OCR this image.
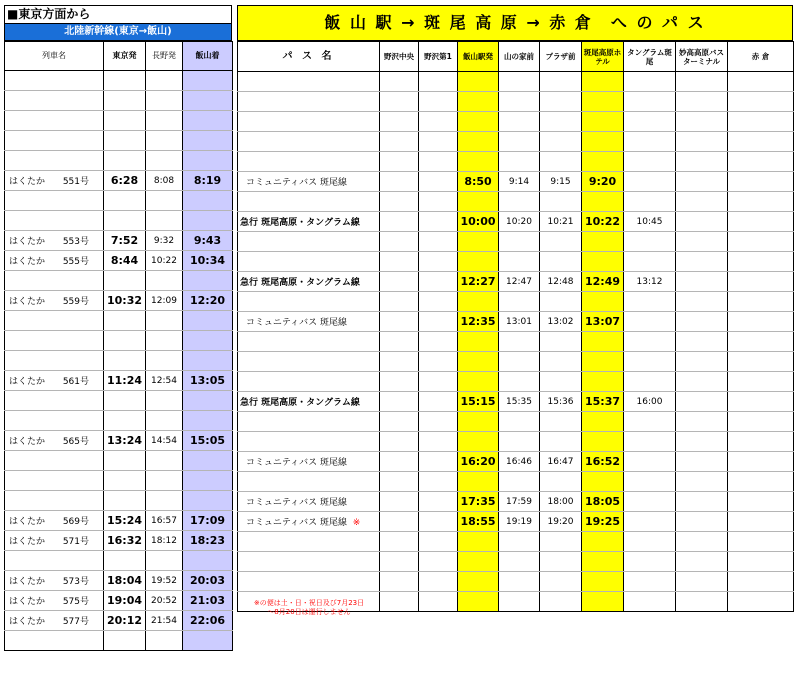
■東京方面から
北陸新幹線(東京→飯山)
列車名	東京発	長野発	飯山着

はくたか 551号	6:28	8:08	8:19

はくたか 553号	7:52	9:32	9:43
はくたか 555号	8:44	10:22	10:34

はくたか 559号	10:32	12:09	12:20

はくたか 561号	11:24	12:54	13:05

はくたか 565号	13:24	14:54	15:05

はくたか 569号	15:24	16:57	17:09
はくたか 571号	16:32	18:12	18:23

はくたか 573号	18:04	19:52	20:03
はくたか 575号	19:04	20:52	21:03
はくたか 577号	20:12	21:54	22:06

飯 山 駅 → 斑 尾 高 原 → 赤 倉　へ の パ ス
パ ス 名	野沢中央	野沢第1	飯山駅発	山の家前	プラザ前	斑尾高原ホテル	タングラム斑尾	妙高高原バスターミナル	赤 倉

コミュニティバス 斑尾線			8:50	9:14	9:15	9:20			

急行 斑尾高原・タングラム線			10:00	10:20	10:21	10:22	10:45		

急行 斑尾高原・タングラム線			12:27	12:47	12:48	12:49	13:12		

コミュニティバス 斑尾線			12:35	13:01	13:02	13:07			

急行 斑尾高原・タングラム線			15:15	15:35	15:36	15:37	16:00		

コミュニティバス 斑尾線			16:20	16:46	16:47	16:52			

コミュニティバス 斑尾線			17:35	17:59	18:00	18:05			
コミュニティバス 斑尾線 ※			18:55	19:19	19:20	19:25			

※の便は土・日・祝日及び7月23日～8月20日は運行しません
